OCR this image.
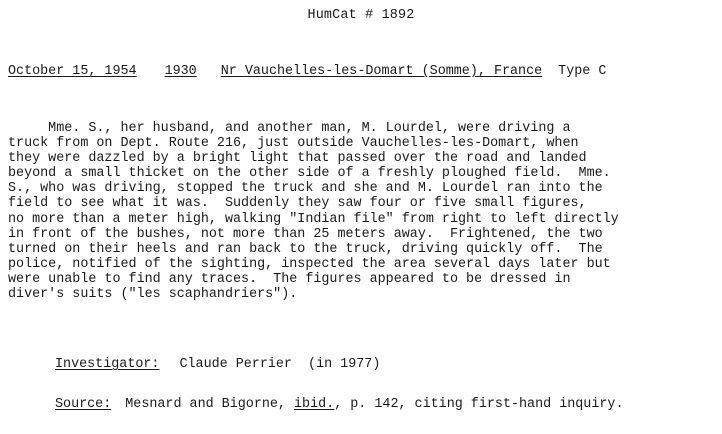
HumCat # 1892
October 15, 1954 1930 Nr Vauchelles-les-Domart (Somme), France Type C
Mme. S., her husband, and another man, M. Lourdel, were driving a
truck from on Dept. Route 216, just outside Vauchelles-les-Domart, when
they were dazzled by a bright light that passed over the road and landed
beyond a small thicket on the other side of a freshly ploughed field.  Mme.
S., who was driving, stopped the truck and she and M. Lourdel ran into the
field to see what it was.  Suddenly they saw four or five small figures,
no more than a meter high, walking "Indian file" from right to left directly
in front of the bushes, not more than 25 meters away.  Frightened, the two
turned on their heels and ran back to the truck, driving quickly off.  The
police, notified of the sighting, inspected the area several days later but
were unable to find any traces.  The figures appeared to be dressed in
diver's suits ("les scaphandriers").
Investigator: Claude Perrier  (in 1977)
Source: Mesnard and Bigorne, ibid., p. 142, citing first-hand inquiry.
